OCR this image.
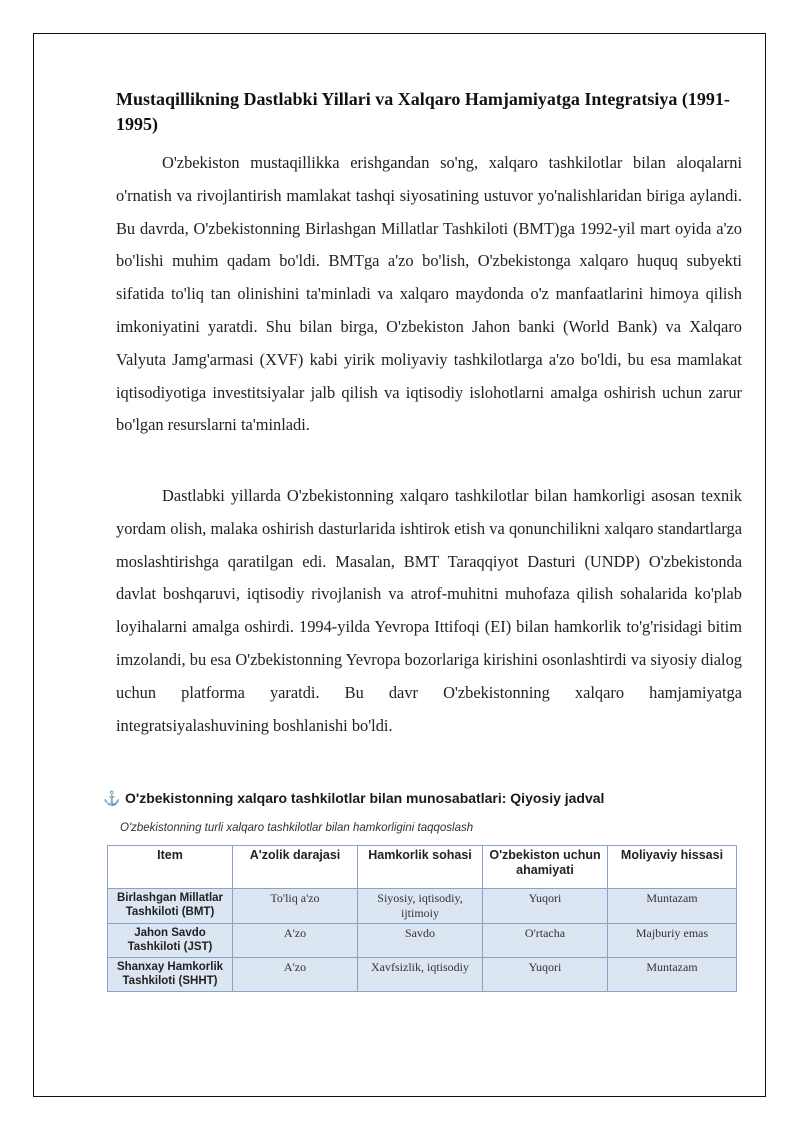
Mustaqillikning Dastlabki Yillari va Xalqaro Hamjamiyatga Integratsiya (1991-1995)

O'zbekiston mustaqillikka erishgandan so'ng, xalqaro tashkilotlar bilan aloqalarni o'rnatish va rivojlantirish mamlakat tashqi siyosatining ustuvor yo'nalishlaridan biriga aylandi. Bu davrda, O'zbekistonning Birlashgan Millatlar Tashkiloti (BMT)ga 1992-yil mart oyida a'zo bo'lishi muhim qadam bo'ldi. BMTga a'zo bo'lish, O'zbekistonga xalqaro huquq subyekti sifatida to'liq tan olinishini ta'minladi va xalqaro maydonda o'z manfaatlarini himoya qilish imkoniyatini yaratdi. Shu bilan birga, O'zbekiston Jahon banki (World Bank) va Xalqaro Valyuta Jamg'armasi (XVF) kabi yirik moliyaviy tashkilotlarga a'zo bo'ldi, bu esa mamlakat iqtisodiyotiga investitsiyalar jalb qilish va iqtisodiy islohotlarni amalga oshirish uchun zarur bo'lgan resurslarni ta'minladi.

Dastlabki yillarda O'zbekistonning xalqaro tashkilotlar bilan hamkorligi asosan texnik yordam olish, malaka oshirish dasturlarida ishtirok etish va qonunchilikni xalqaro standartlarga moslashtirishga qaratilgan edi. Masalan, BMT Taraqqiyot Dasturi (UNDP) O'zbekistonda davlat boshqaruvi, iqtisodiy rivojlanish va atrof-muhitni muhofaza qilish sohalarida ko'plab loyihalarni amalga oshirdi. 1994-yilda Yevropa Ittifoqi (EI) bilan hamkorlik to'g'risidagi bitim imzolandi, bu esa O'zbekistonning Yevropa bozorlariga kirishini osonlashtirdi va siyosiy dialog uchun platforma yaratdi. Bu davr O'zbekistonning xalqaro hamjamiyatga integratsiyalashuvining boshlanishi bo'ldi.

⚓ O'zbekistonning xalqaro tashkilotlar bilan munosabatlari: Qiyosiy jadval
O'zbekistonning turli xalqaro tashkilotlar bilan hamkorligini taqqoslash
Item	A'zolik darajasi	Hamkorlik sohasi	O'zbekiston uchun ahamiyati	Moliyaviy hissasi
Birlashgan Millatlar Tashkiloti (BMT)	To'liq a'zo	Siyosiy, iqtisodiy, ijtimoiy	Yuqori	Muntazam
Jahon Savdo Tashkiloti (JST)	A'zo	Savdo	O'rtacha	Majburiy emas
Shanxay Hamkorlik Tashkiloti (SHHT)	A'zo	Xavfsizlik, iqtisodiy	Yuqori	Muntazam
